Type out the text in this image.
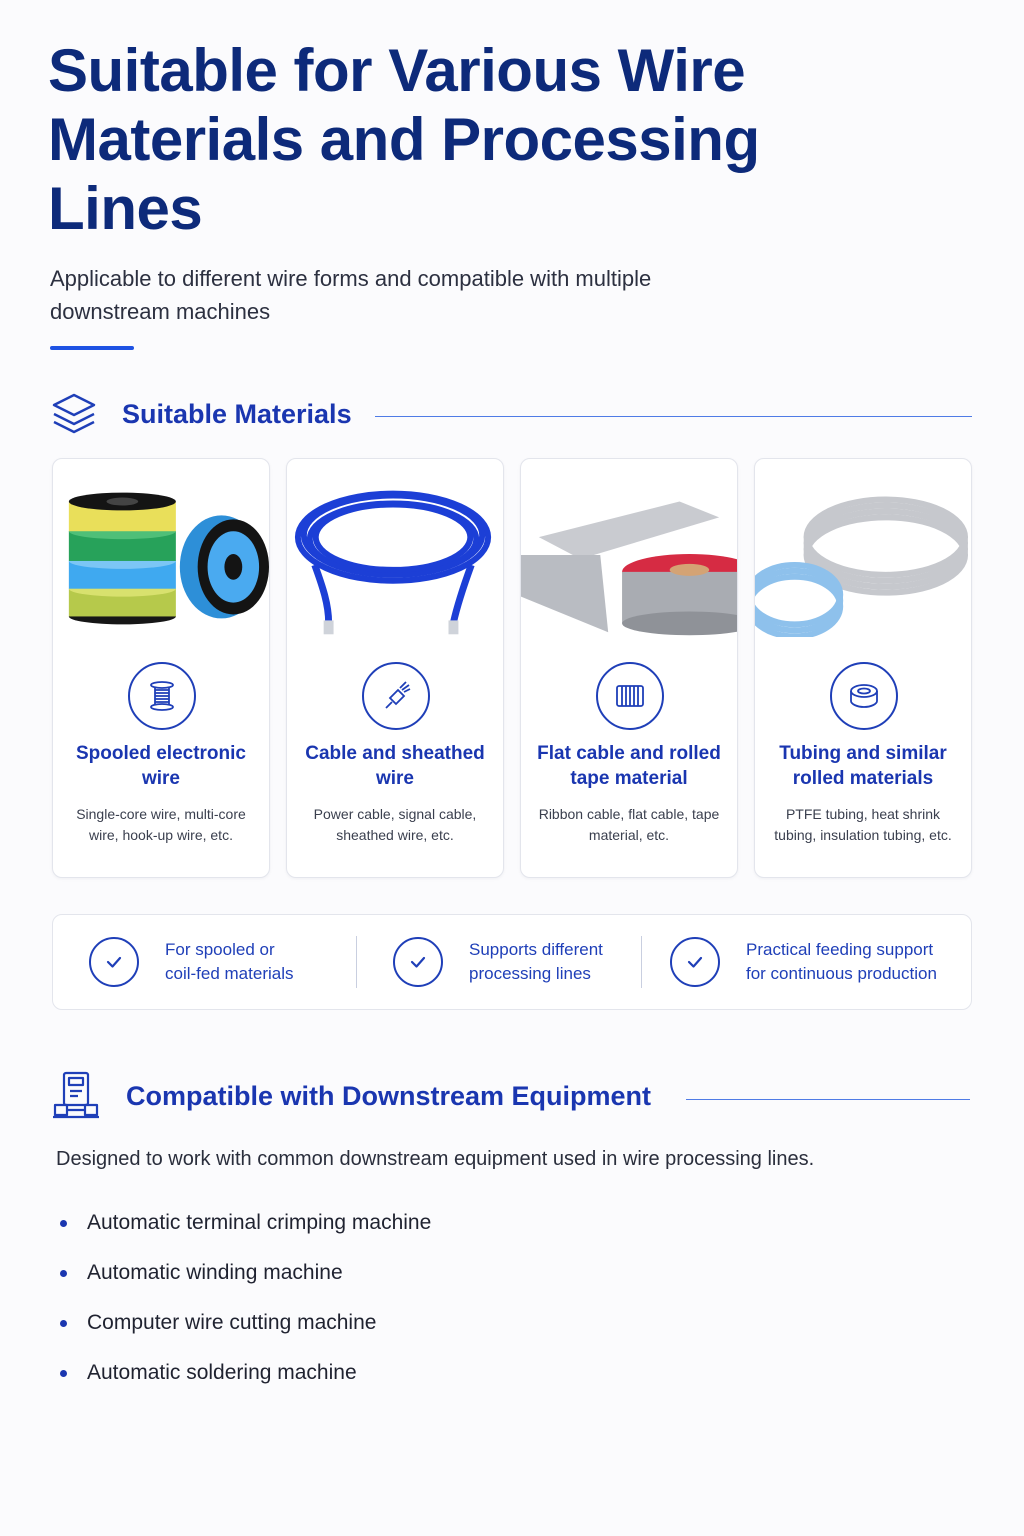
Suitable for Various Wire Materials and Processing Lines

Applicable to different wire forms and compatible with multiple downstream machines

Suitable Materials
Spooled electronic wire

Single-core wire, multi-core wire, hook-up wire, etc.

Cable and sheathed wire

Power cable, signal cable, sheathed wire, etc.

Flat cable and rolled tape material

Ribbon cable, flat cable, tape material, etc.

Tubing and similar rolled materials

PTFE tubing, heat shrink tubing, insulation tubing, etc.

For spooled or
coil-fed materials
Supports different
processing lines
Practical feeding support
for continuous production
Compatible with Downstream Equipment

Designed to work with common downstream equipment used in wire processing lines.

Automatic terminal crimping machine
Automatic winding machine
Computer wire cutting machine
Automatic soldering machine
